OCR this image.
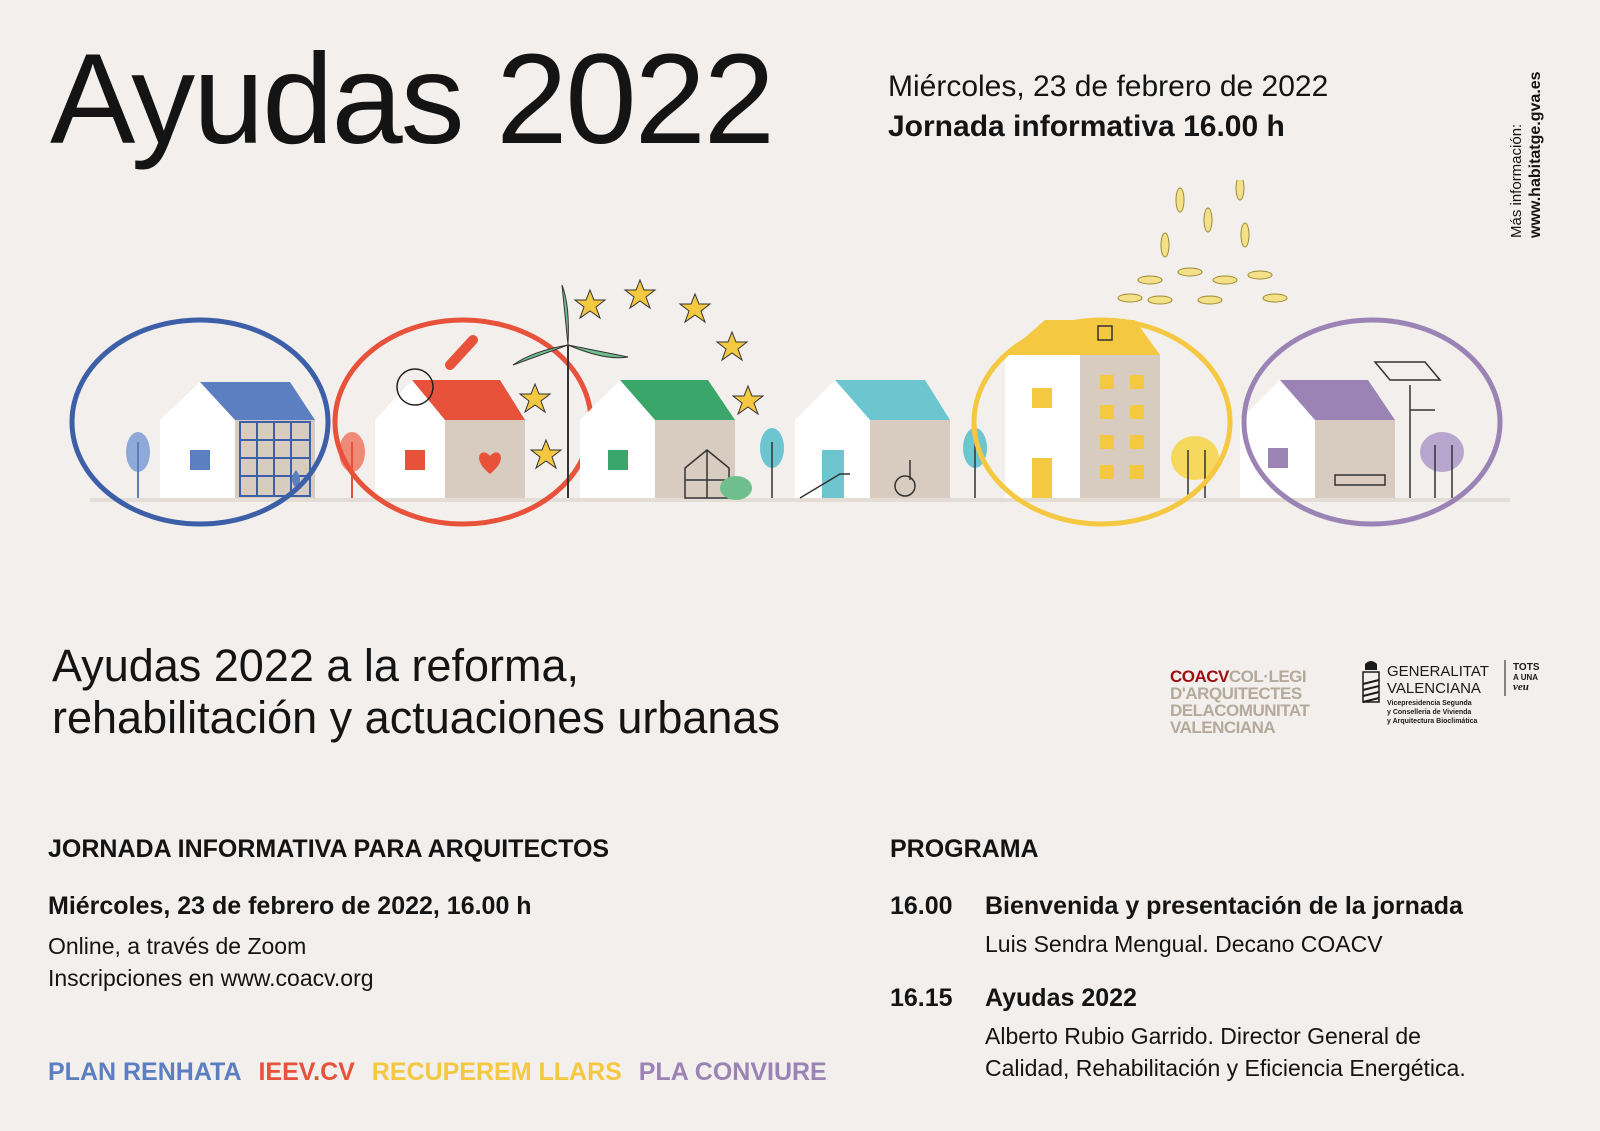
Ayudas 2022	Miércoles, 23 de febrero de 2022
Jornada informativa 16.00 h	Más información: www.habitatge.gva.es
Ayudas 2022 a la reforma,
rehabilitación y actuaciones urbanas
COACVCOL·LEGI
D'ARQUITECTES
DELACOMUNITAT
VALENCIANA
GENERALITAT
VALENCIANA
Vicepresidencia Segunda
y Conselleria de Vivienda
y Arquitectura Bioclimática
TOTS
A UNA
veu
JORNADA INFORMATIVA PARA ARQUITECTOS
Miércoles, 23 de febrero de 2022, 16.00 h
Online, a través de Zoom
Inscripciones en www.coacv.org
PLAN RENHATA IEEV.CV RECUPEREM LLARS PLA CONVIURE
PROGRAMA
16.00 Bienvenida y presentación de la jornada
Luis Sendra Mengual. Decano COACV
16.15 Ayudas 2022
Alberto Rubio Garrido. Director General de
Calidad, Rehabilitación y Eficiencia Energética.
